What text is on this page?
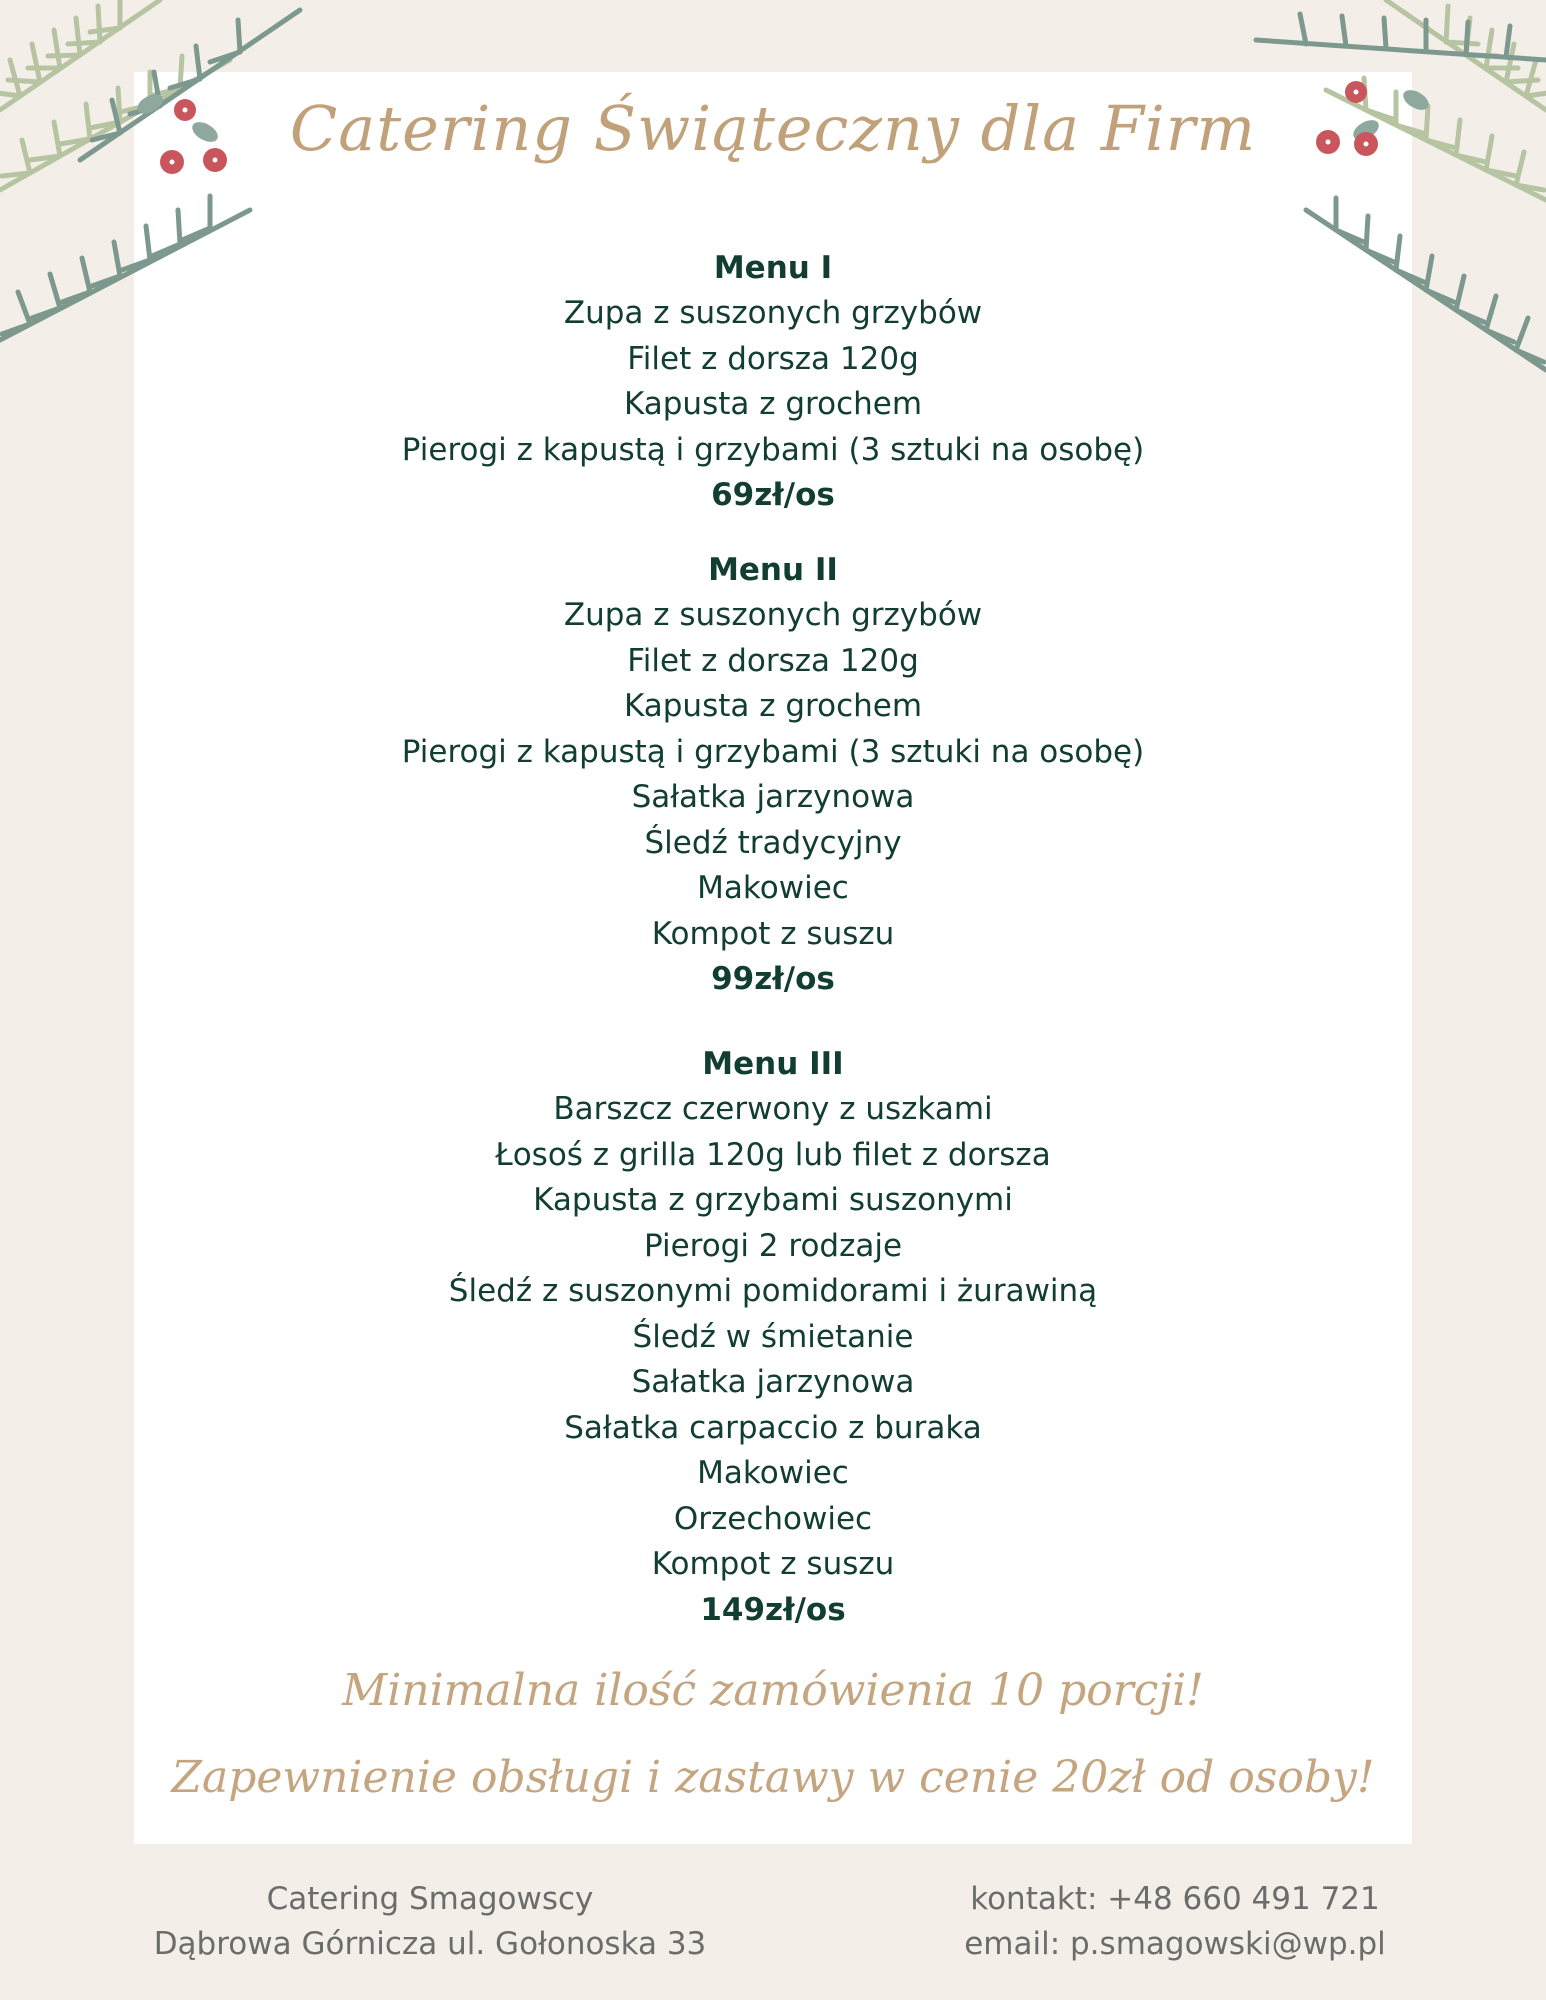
Catering Świąteczny dla Firm
Menu I
Zupa z suszonych grzybów
Filet z dorsza 120g
Kapusta z grochem
Pierogi z kapustą i grzybami (3 sztuki na osobę)
69zł/os
Menu II
Zupa z suszonych grzybów
Filet z dorsza 120g
Kapusta z grochem
Pierogi z kapustą i grzybami (3 sztuki na osobę)
Sałatka jarzynowa
Śledź tradycyjny
Makowiec
Kompot z suszu
99zł/os
Menu III
Barszcz czerwony z uszkami
Łosoś z grilla 120g lub filet z dorsza
Kapusta z grzybami suszonymi
Pierogi 2 rodzaje
Śledź z suszonymi pomidorami i żurawiną
Śledź w śmietanie
Sałatka jarzynowa
Sałatka carpaccio z buraka
Makowiec
Orzechowiec
Kompot z suszu
149zł/os
Minimalna ilość zamówienia 10 porcji!
Zapewnienie obsługi i zastawy w cenie 20zł od osoby!
Catering Smagowscy
Dąbrowa Górnicza ul. Gołonoska 33
kontakt: +48 660 491 721
email: p.smagowski@wp.pl
